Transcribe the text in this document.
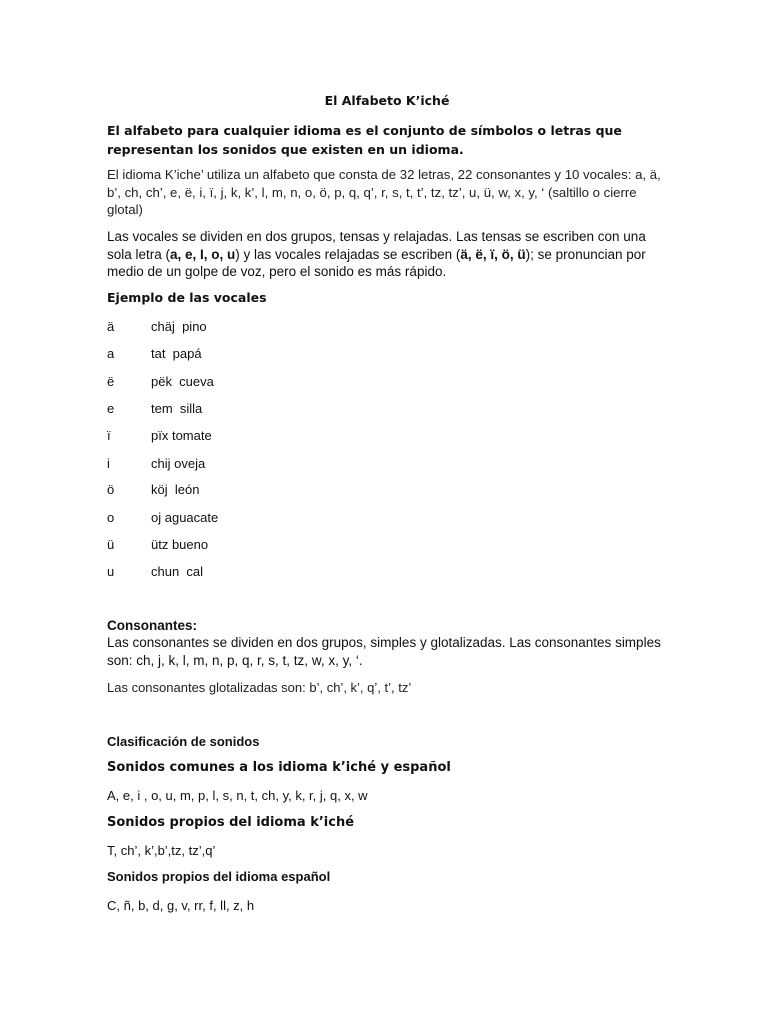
El Alfabeto K’iché
El alfabeto para cualquier idioma es el conjunto de símbolos o letras que representan los sonidos que existen en un idioma.
El idioma K’iche’ utiliza un alfabeto que consta de 32 letras, 22 consonantes y 10 vocales: a, ä, b’, ch, ch’, e, ë, i, ï, j, k, k’, l, m, n, o, ö, p, q, q’, r, s, t, t’, tz, tz’, u, ü, w, x, y, ‘ (saltillo o cierre glotal)
Las vocales se dividen en dos grupos, tensas y relajadas. Las tensas se escriben con una sola letra (a, e, I, o, u) y las vocales relajadas se escriben (ä, ë, ï, ö, ü); se pronuncian por medio de un golpe de voz, pero el sonido es más rápido.
Ejemplo de las vocales
ä	chäj  pino
a	tat  papá
ë	pëk  cueva
e	tem  silla
ï	pïx tomate
i	chij oveja
ö	köj  león
o	oj aguacate
ü	ütz bueno
u	chun  cal
Consonantes:
Las consonantes se dividen en dos grupos, simples y glotalizadas. Las consonantes simples son: ch, j, k, l, m, n, p, q, r, s, t, tz, w, x, y, ‘.
Las consonantes glotalizadas son: b’, ch’, k’, q’, t’, tz’
Clasificación de sonidos
Sonidos comunes a los idioma k’iché y español
A, e, i , o, u, m, p, l, s, n, t, ch, y, k, r, j, q, x, w
Sonidos propios del idioma k’iché
T, ch’, k’,b’,tz, tz’,q’
Sonidos propios del idioma español
C, ñ, b, d, g, v, rr, f, ll, z, h
